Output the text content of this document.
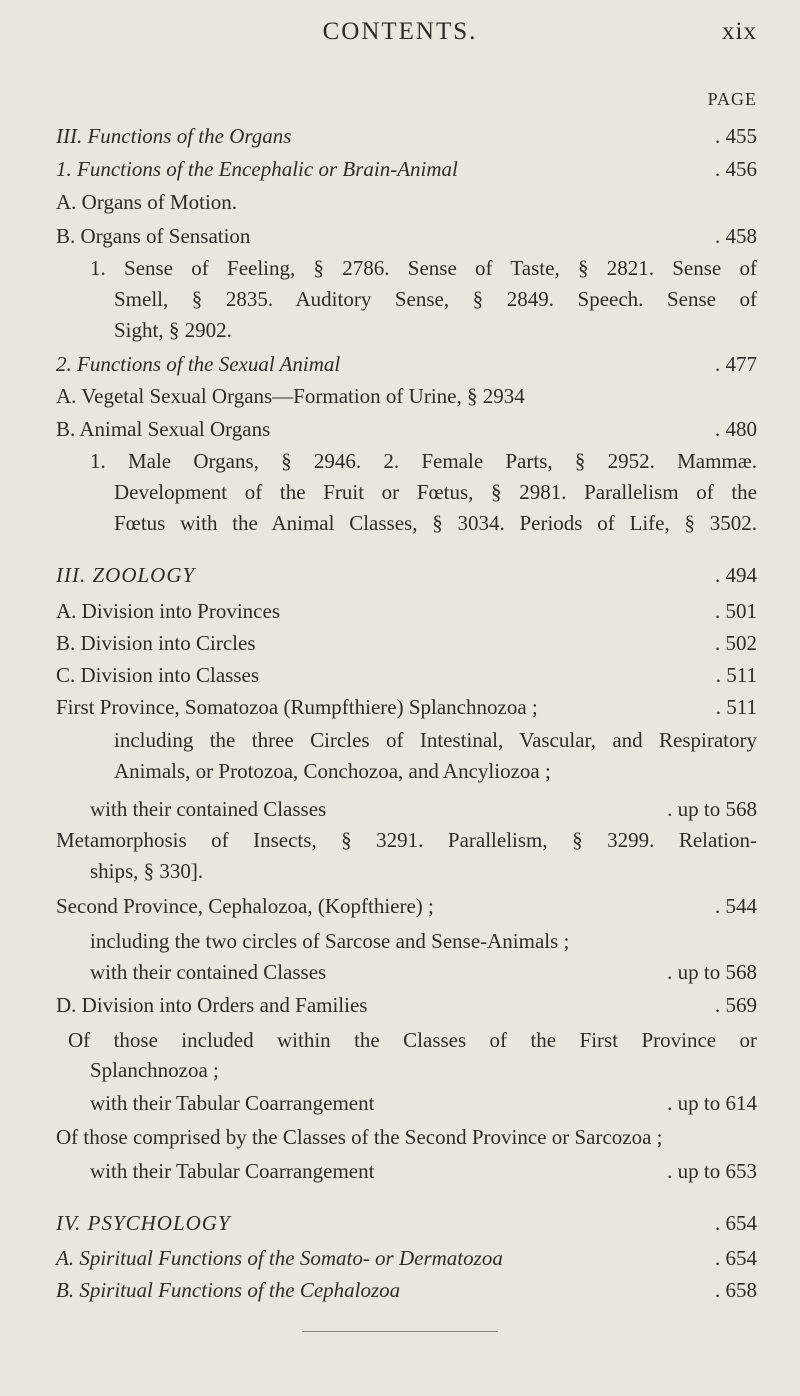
CONTENTS.	xix
PAGE
III. Functions of the Organs	. 455
1. Functions of the Encephalic or Brain-Animal	. 456
A. Organs of Motion.
B. Organs of Sensation	. 458
1. Sense of Feeling, § 2786. Sense of Taste, § 2821. Sense of
Smell, § 2835. Auditory Sense, § 2849. Speech. Sense of
Sight, § 2902.
2. Functions of the Sexual Animal	. 477
A. Vegetal Sexual Organs—Formation of Urine, § 2934
B. Animal Sexual Organs	. 480
1. Male Organs, § 2946. 2. Female Parts, § 2952. Mammæ.
Development of the Fruit or Fœtus, § 2981. Parallelism of the
Fœtus with the Animal Classes, § 3034. Periods of Life, § 3502.
III. ZOOLOGY	. 494
A. Division into Provinces	. 501
B. Division into Circles	. 502
C. Division into Classes	. 511
First Province, Somatozoa (Rumpfthiere) Splanchnozoa ;	. 511
including the three Circles of Intestinal, Vascular, and Respiratory
Animals, or Protozoa, Conchozoa, and Ancyliozoa ;
with their contained Classes	. up to 568
Metamorphosis of Insects, § 3291. Parallelism, § 3299. Relation-
ships, § 330].
Second Province, Cephalozoa, (Kopfthiere) ;	. 544
including the two circles of Sarcose and Sense-Animals ;
with their contained Classes	. up to 568
D. Division into Orders and Families	. 569
Of those included within the Classes of the First Province or
Splanchnozoa ;
with their Tabular Coarrangement	. up to 614
Of those comprised by the Classes of the Second Province or Sarcozoa ;
with their Tabular Coarrangement	. up to 653
IV. PSYCHOLOGY	. 654
A. Spiritual Functions of the Somato- or Dermatozoa	. 654
B. Spiritual Functions of the Cephalozoa	. 658
